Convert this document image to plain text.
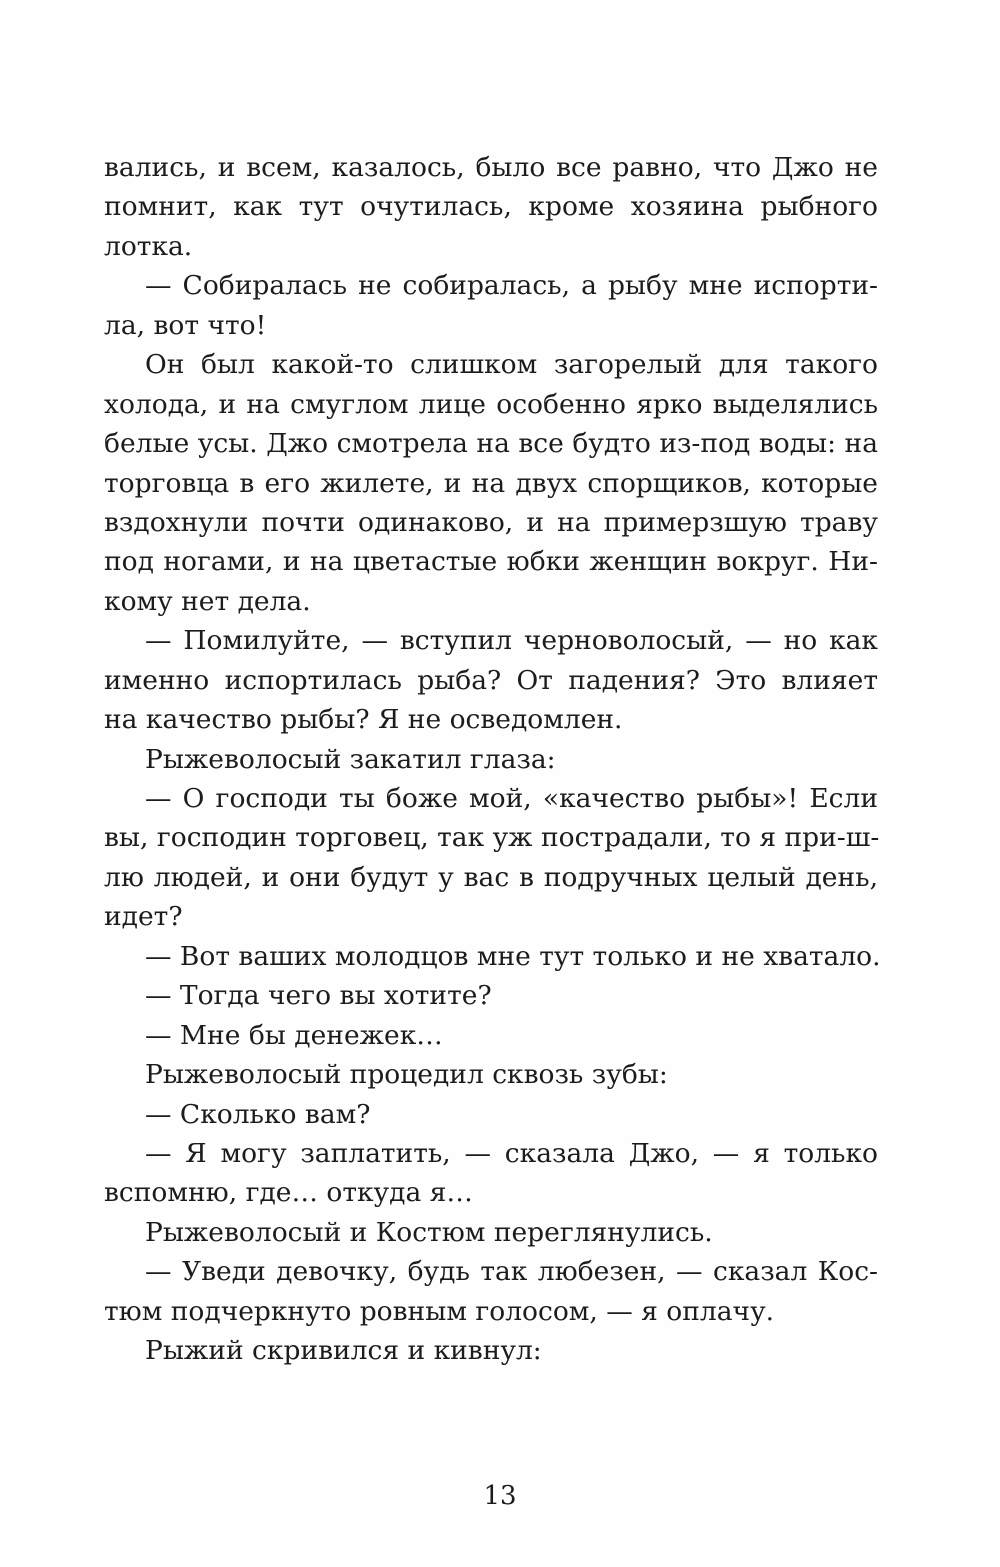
вались, и всем, казалось, было все равно, что Джо не
помнит, как тут очутилась, кроме хозяина рыбного
лотка.
— Собиралась не собиралась, а рыбу мне испорти-
ла, вот что!
Он был какой-то слишком загорелый для такого
холода, и на смуглом лице особенно ярко выделялись
белые усы. Джо смотрела на все будто из-под воды: на
торговца в его жилете, и на двух спорщиков, которые
вздохнули почти одинаково, и на примерзшую траву
под ногами, и на цветастые юбки женщин вокруг. Ни-
кому нет дела.
— Помилуйте, — вступил черноволосый, — но как
именно испортилась рыба? От падения? Это влияет
на качество рыбы? Я не осведомлен.
Рыжеволосый закатил глаза:
— О господи ты боже мой, «качество рыбы»! Если
вы, господин торговец, так уж пострадали, то я при-ш-
лю людей, и они будут у вас в подручных целый день,
идет?
— Вот ваших молодцов мне тут только и не хватало.
— Тогда чего вы хотите?
— Мне бы денежек…
Рыжеволосый процедил сквозь зубы:
— Сколько вам?
— Я могу заплатить, — сказала Джо, — я только
вспомню, где… откуда я…
Рыжеволосый и Костюм переглянулись.
— Уведи девочку, будь так любезен, — сказал Кос-
тюм подчеркнуто ровным голосом, — я оплачу.
Рыжий скривился и кивнул:
13
